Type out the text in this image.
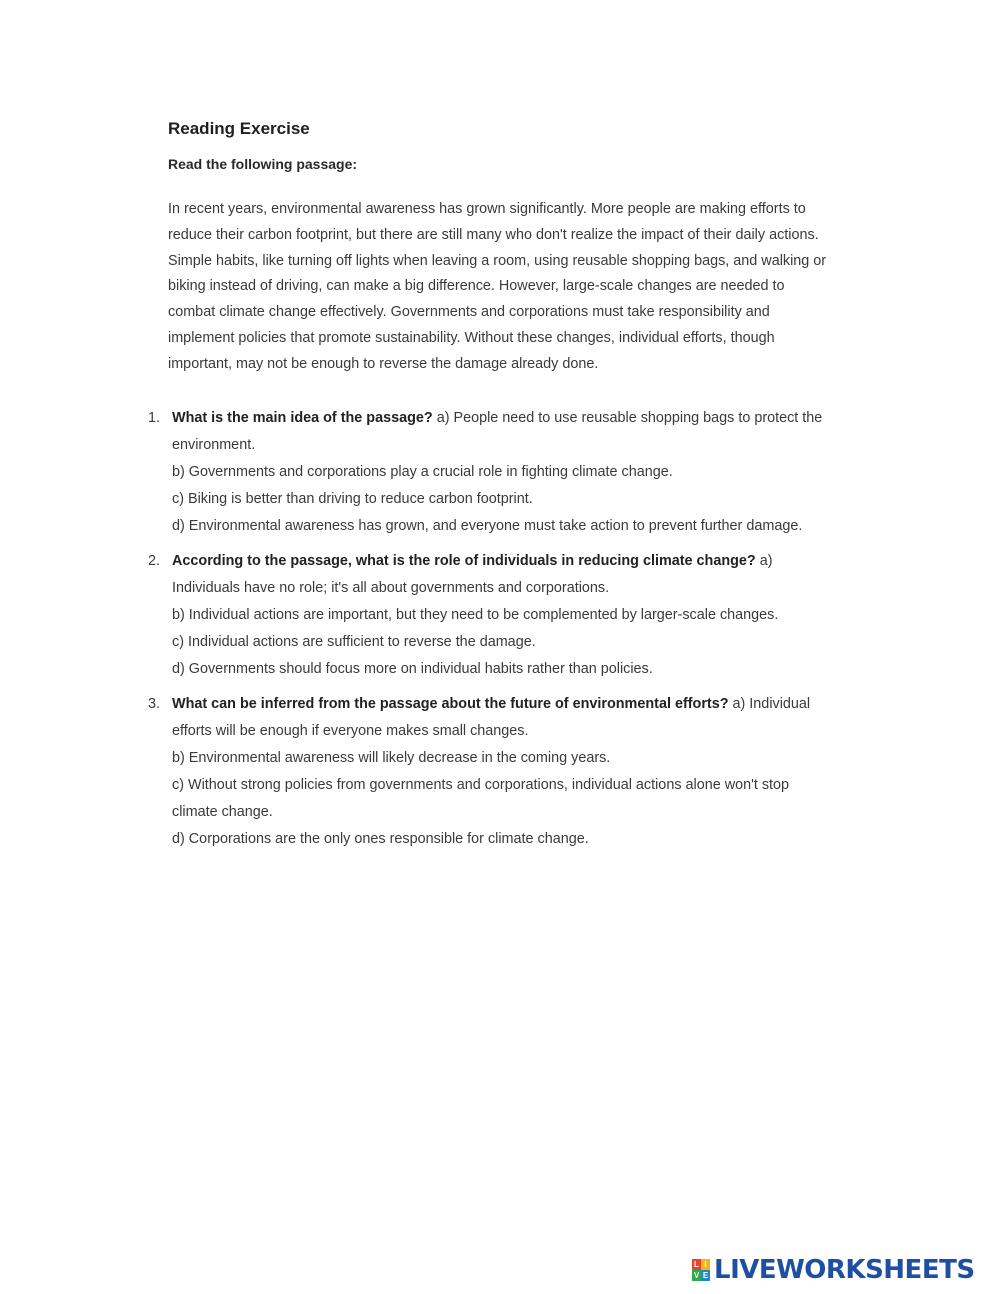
Reading Exercise

Read the following passage:

In recent years, environmental awareness has grown significantly. More people are making efforts to reduce their carbon footprint, but there are still many who don't realize the impact of their daily actions. Simple habits, like turning off lights when leaving a room, using reusable shopping bags, and walking or biking instead of driving, can make a big difference. However, large-scale changes are needed to combat climate change effectively. Governments and corporations must take responsibility and implement policies that promote sustainability. Without these changes, individual efforts, though important, may not be enough to reverse the damage already done.

1. What is the main idea of the passage? a) People need to use reusable shopping bags to protect the environment.
b) Governments and corporations play a crucial role in fighting climate change.
c) Biking is better than driving to reduce carbon footprint.
d) Environmental awareness has grown, and everyone must take action to prevent further damage.
2. According to the passage, what is the role of individuals in reducing climate change? a) Individuals have no role; it's all about governments and corporations.
b) Individual actions are important, but they need to be complemented by larger-scale changes.
c) Individual actions are sufficient to reverse the damage.
d) Governments should focus more on individual habits rather than policies.
3. What can be inferred from the passage about the future of environmental efforts? a) Individual efforts will be enough if everyone makes small changes.
b) Environmental awareness will likely decrease in the coming years.
c) Without strong policies from governments and corporations, individual actions alone won't stop climate change.
d) Corporations are the only ones responsible for climate change.
L I
V E LIVEWORKSHEETS
